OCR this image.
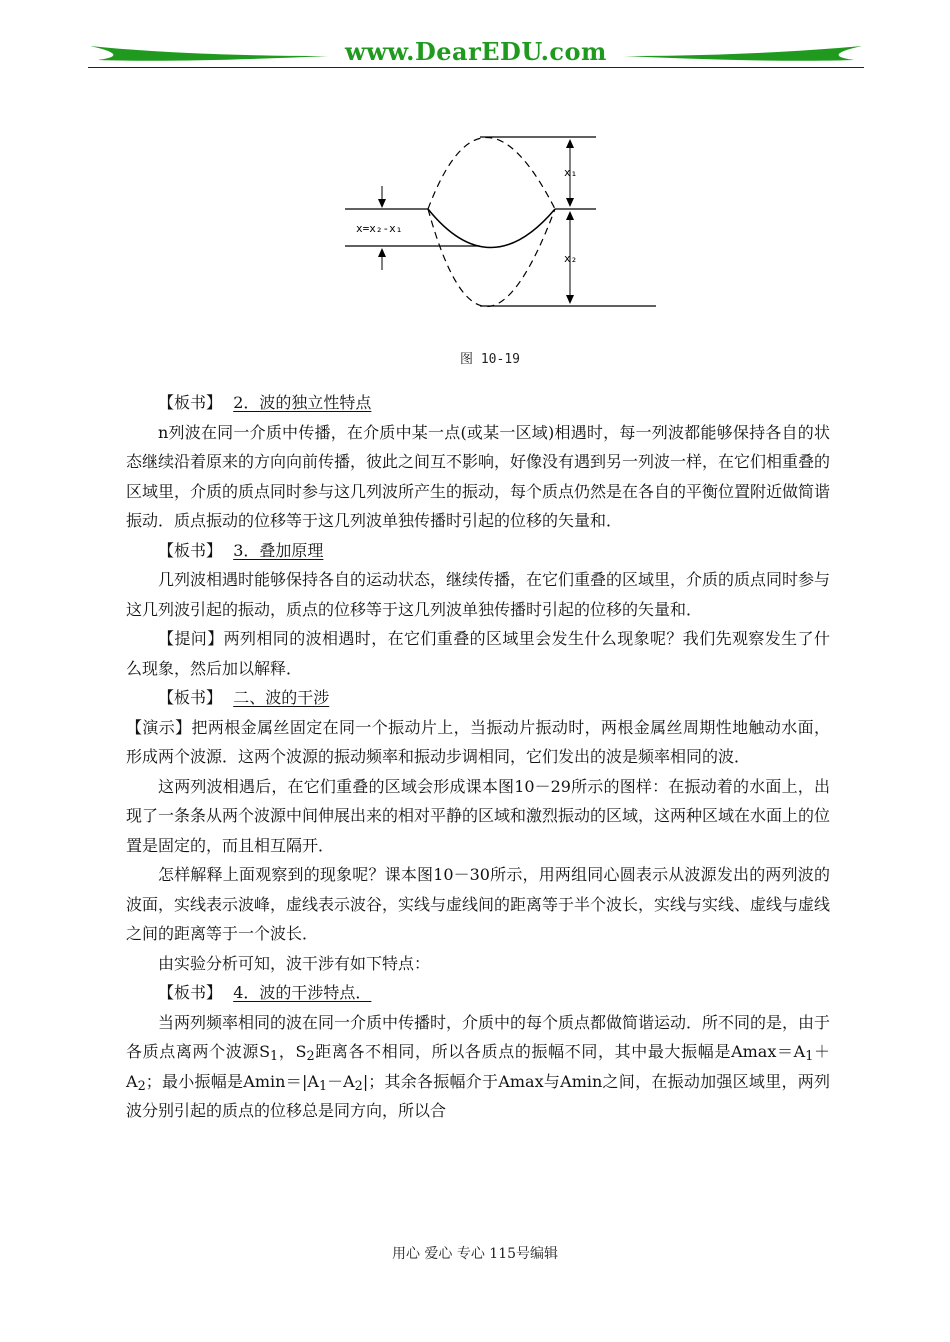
www.DearEDU.com
x=x₂-x₁
x₁
x₂
图 10-19

【板书】 2．波的独立性特点

n列波在同一介质中传播，在介质中某一点(或某一区域)相遇时，每一列波都能够保持各自的状态继续沿着原来的方向向前传播，彼此之间互不影响，好像没有遇到另一列波一样，在它们相重叠的区域里，介质的质点同时参与这几列波所产生的振动，每个质点仍然是在各自的平衡位置附近做简谐振动．质点振动的位移等于这几列波单独传播时引起的位移的矢量和．

【板书】 3．叠加原理

几列波相遇时能够保持各自的运动状态，继续传播，在它们重叠的区域里，介质的质点同时参与这几列波引起的振动，质点的位移等于这几列波单独传播时引起的位移的矢量和．

【提问】两列相同的波相遇时，在它们重叠的区域里会发生什么现象呢？我们先观察发生了什么现象，然后加以解释．

【板书】 二、波的干涉

【演示】把两根金属丝固定在同一个振动片上，当振动片振动时，两根金属丝周期性地触动水面，形成两个波源．这两个波源的振动频率和振动步调相同，它们发出的波是频率相同的波．

这两列波相遇后，在它们重叠的区域会形成课本图10－29所示的图样：在振动着的水面上，出现了一条条从两个波源中间伸展出来的相对平静的区域和激烈振动的区域，这两种区域在水面上的位置是固定的，而且相互隔开．

怎样解释上面观察到的现象呢？课本图10－30所示，用两组同心圆表示从波源发出的两列波的波面，实线表示波峰，虚线表示波谷，实线与虚线间的距离等于半个波长，实线与实线、虚线与虚线之间的距离等于一个波长．

由实验分析可知，波干涉有如下特点：

【板书】 4．波的干涉特点．

当两列频率相同的波在同一介质中传播时，介质中的每个质点都做简谐运动．所不同的是，由于各质点离两个波源$S_1$，$S_2$距离各不相同，所以各质点的振幅不同，其中最大振幅是$Amax=A_1+A_2$；最小振幅是$Amin=|A_1-A_2|$；其余各振幅介于Amax与Amin之间，在振动加强区域里，两列波分别引起的质点的位移总是同方向，所以合

用心 爱心 专心 115号编辑
